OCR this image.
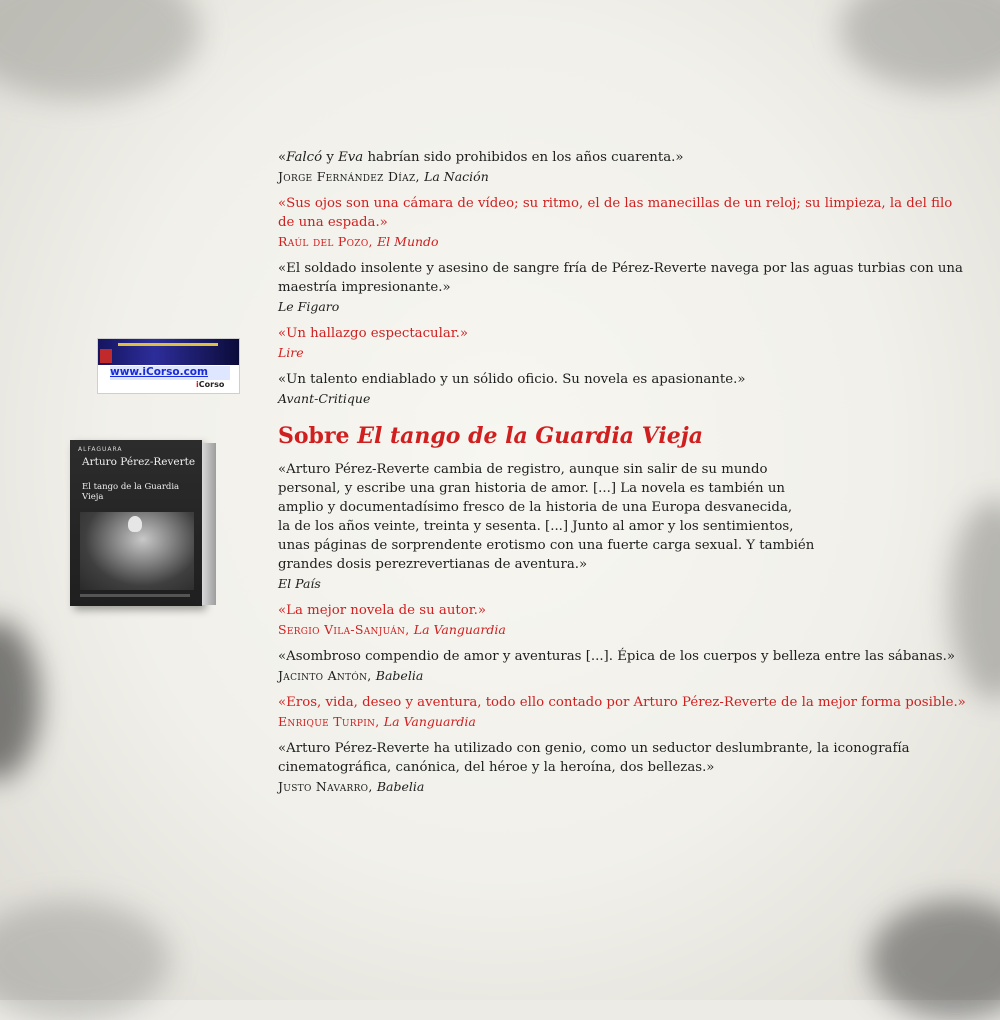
www.iCorso.com
iCorso
ALFAGUARA
Arturo Pérez-Reverte
El tango de la Guardia Vieja

«Falcó y Eva habrían sido prohibidos en los años cuarenta.»

Jorge Fernández Díaz, La Nación

«Sus ojos son una cámara de vídeo; su ritmo, el de las manecillas de un reloj; su limpieza, la del filo de una espada.»

Raúl del Pozo, El Mundo

«El soldado insolente y asesino de sangre fría de Pérez-Reverte navega por las aguas turbias con una maestría impresionante.»

Le Figaro

«Un hallazgo espectacular.»

Lire

«Un talento endiablado y un sólido oficio. Su novela es apasionante.»

Avant-Critique

Sobre El tango de la Guardia Vieja

«Arturo Pérez-Reverte cambia de registro, aunque sin salir de su mundo
personal, y escribe una gran historia de amor. [...] La novela es también un
amplio y documentadísimo fresco de la historia de una Europa desvanecida,
la de los años veinte, treinta y sesenta. [...] Junto al amor y los sentimientos,
unas páginas de sorprendente erotismo con una fuerte carga sexual. Y también
grandes dosis perezrevertianas de aventura.»

El País

«La mejor novela de su autor.»

Sergio Vila-Sanjuán, La Vanguardia

«Asombroso compendio de amor y aventuras [...]. Épica de los cuerpos y belleza entre las sábanas.»

Jacinto Antón, Babelia

«Eros, vida, deseo y aventura, todo ello contado por Arturo Pérez-Reverte de la mejor forma posible.»

Enrique Turpin, La Vanguardia

«Arturo Pérez-Reverte ha utilizado con genio, como un seductor deslumbrante, la iconografía cinematográfica, canónica, del héroe y la heroína, dos bellezas.»

Justo Navarro, Babelia
